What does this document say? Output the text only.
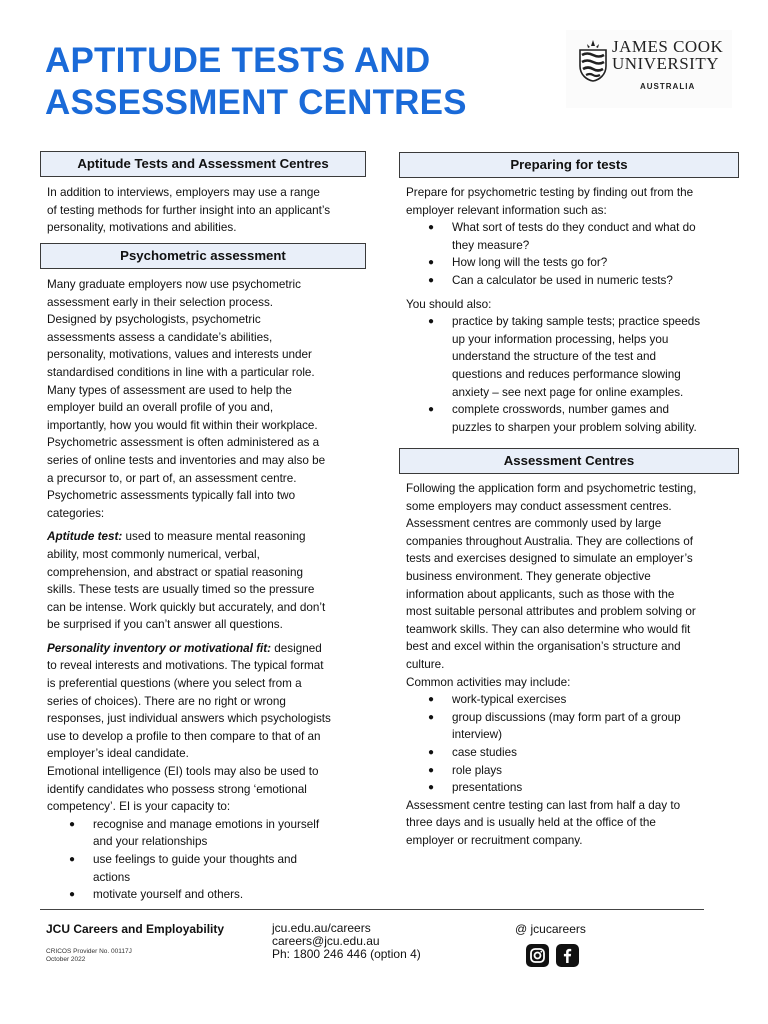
APTITUDE TESTS AND
ASSESSMENT CENTRES
JAMES COOK
UNIVERSITY
AUSTRALIA
Aptitude Tests and Assessment Centres

In addition to interviews, employers may use a range

of testing methods for further insight into an applicant’s

personality, motivations and abilities.

Psychometric assessment

Many graduate employers now use psychometric

assessment early in their selection process.

Designed by psychologists, psychometric

assessments assess a candidate’s abilities,

personality, motivations, values and interests under

standardised conditions in line with a particular role.

Many types of assessment are used to help the

employer build an overall profile of you and,

importantly, how you would fit within their workplace.

Psychometric assessment is often administered as a

series of online tests and inventories and may also be

a precursor to, or part of, an assessment centre.

Psychometric assessments typically fall into two

categories:

Aptitude test: used to measure mental reasoning

ability, most commonly numerical, verbal,

comprehension, and abstract or spatial reasoning

skills. These tests are usually timed so the pressure

can be intense. Work quickly but accurately, and don’t

be surprised if you can’t answer all questions.

Personality inventory or motivational fit: designed

to reveal interests and motivations. The typical format

is preferential questions (where you select from a

series of choices). There are no right or wrong

responses, just individual answers which psychologists

use to develop a profile to then compare to that of an

employer’s ideal candidate.

Emotional intelligence (EI) tools may also be used to

identify candidates who possess strong ‘emotional

competency’. EI is your capacity to:

● recognise and manage emotions in yourself

and your relationships

● use feelings to guide your thoughts and

actions

● motivate yourself and others.

Preparing for tests

Prepare for psychometric testing by finding out from the

employer relevant information such as:

● What sort of tests do they conduct and what do

they measure?

● How long will the tests go for?

● Can a calculator be used in numeric tests?

You should also:

● practice by taking sample tests; practice speeds

up your information processing, helps you

understand the structure of the test and

questions and reduces performance slowing

anxiety – see next page for online examples.

● complete crosswords, number games and

puzzles to sharpen your problem solving ability.

Assessment Centres

Following the application form and psychometric testing,

some employers may conduct assessment centres.

Assessment centres are commonly used by large

companies throughout Australia. They are collections of

tests and exercises designed to simulate an employer’s

business environment. They generate objective

information about applicants, such as those with the

most suitable personal attributes and problem solving or

teamwork skills. They can also determine who would fit

best and excel within the organisation’s structure and

culture.

Common activities may include:

● work-typical exercises

● group discussions (may form part of a group

interview)

● case studies

● role plays

● presentations

Assessment centre testing can last from half a day to

three days and is usually held at the office of the

employer or recruitment company.

JCU Careers and Employability
CRICOS Provider No. 00117J
October 2022
jcu.edu.au/careers
careers@jcu.edu.au
Ph: 1800 246 446 (option 4)
@ jcucareers
